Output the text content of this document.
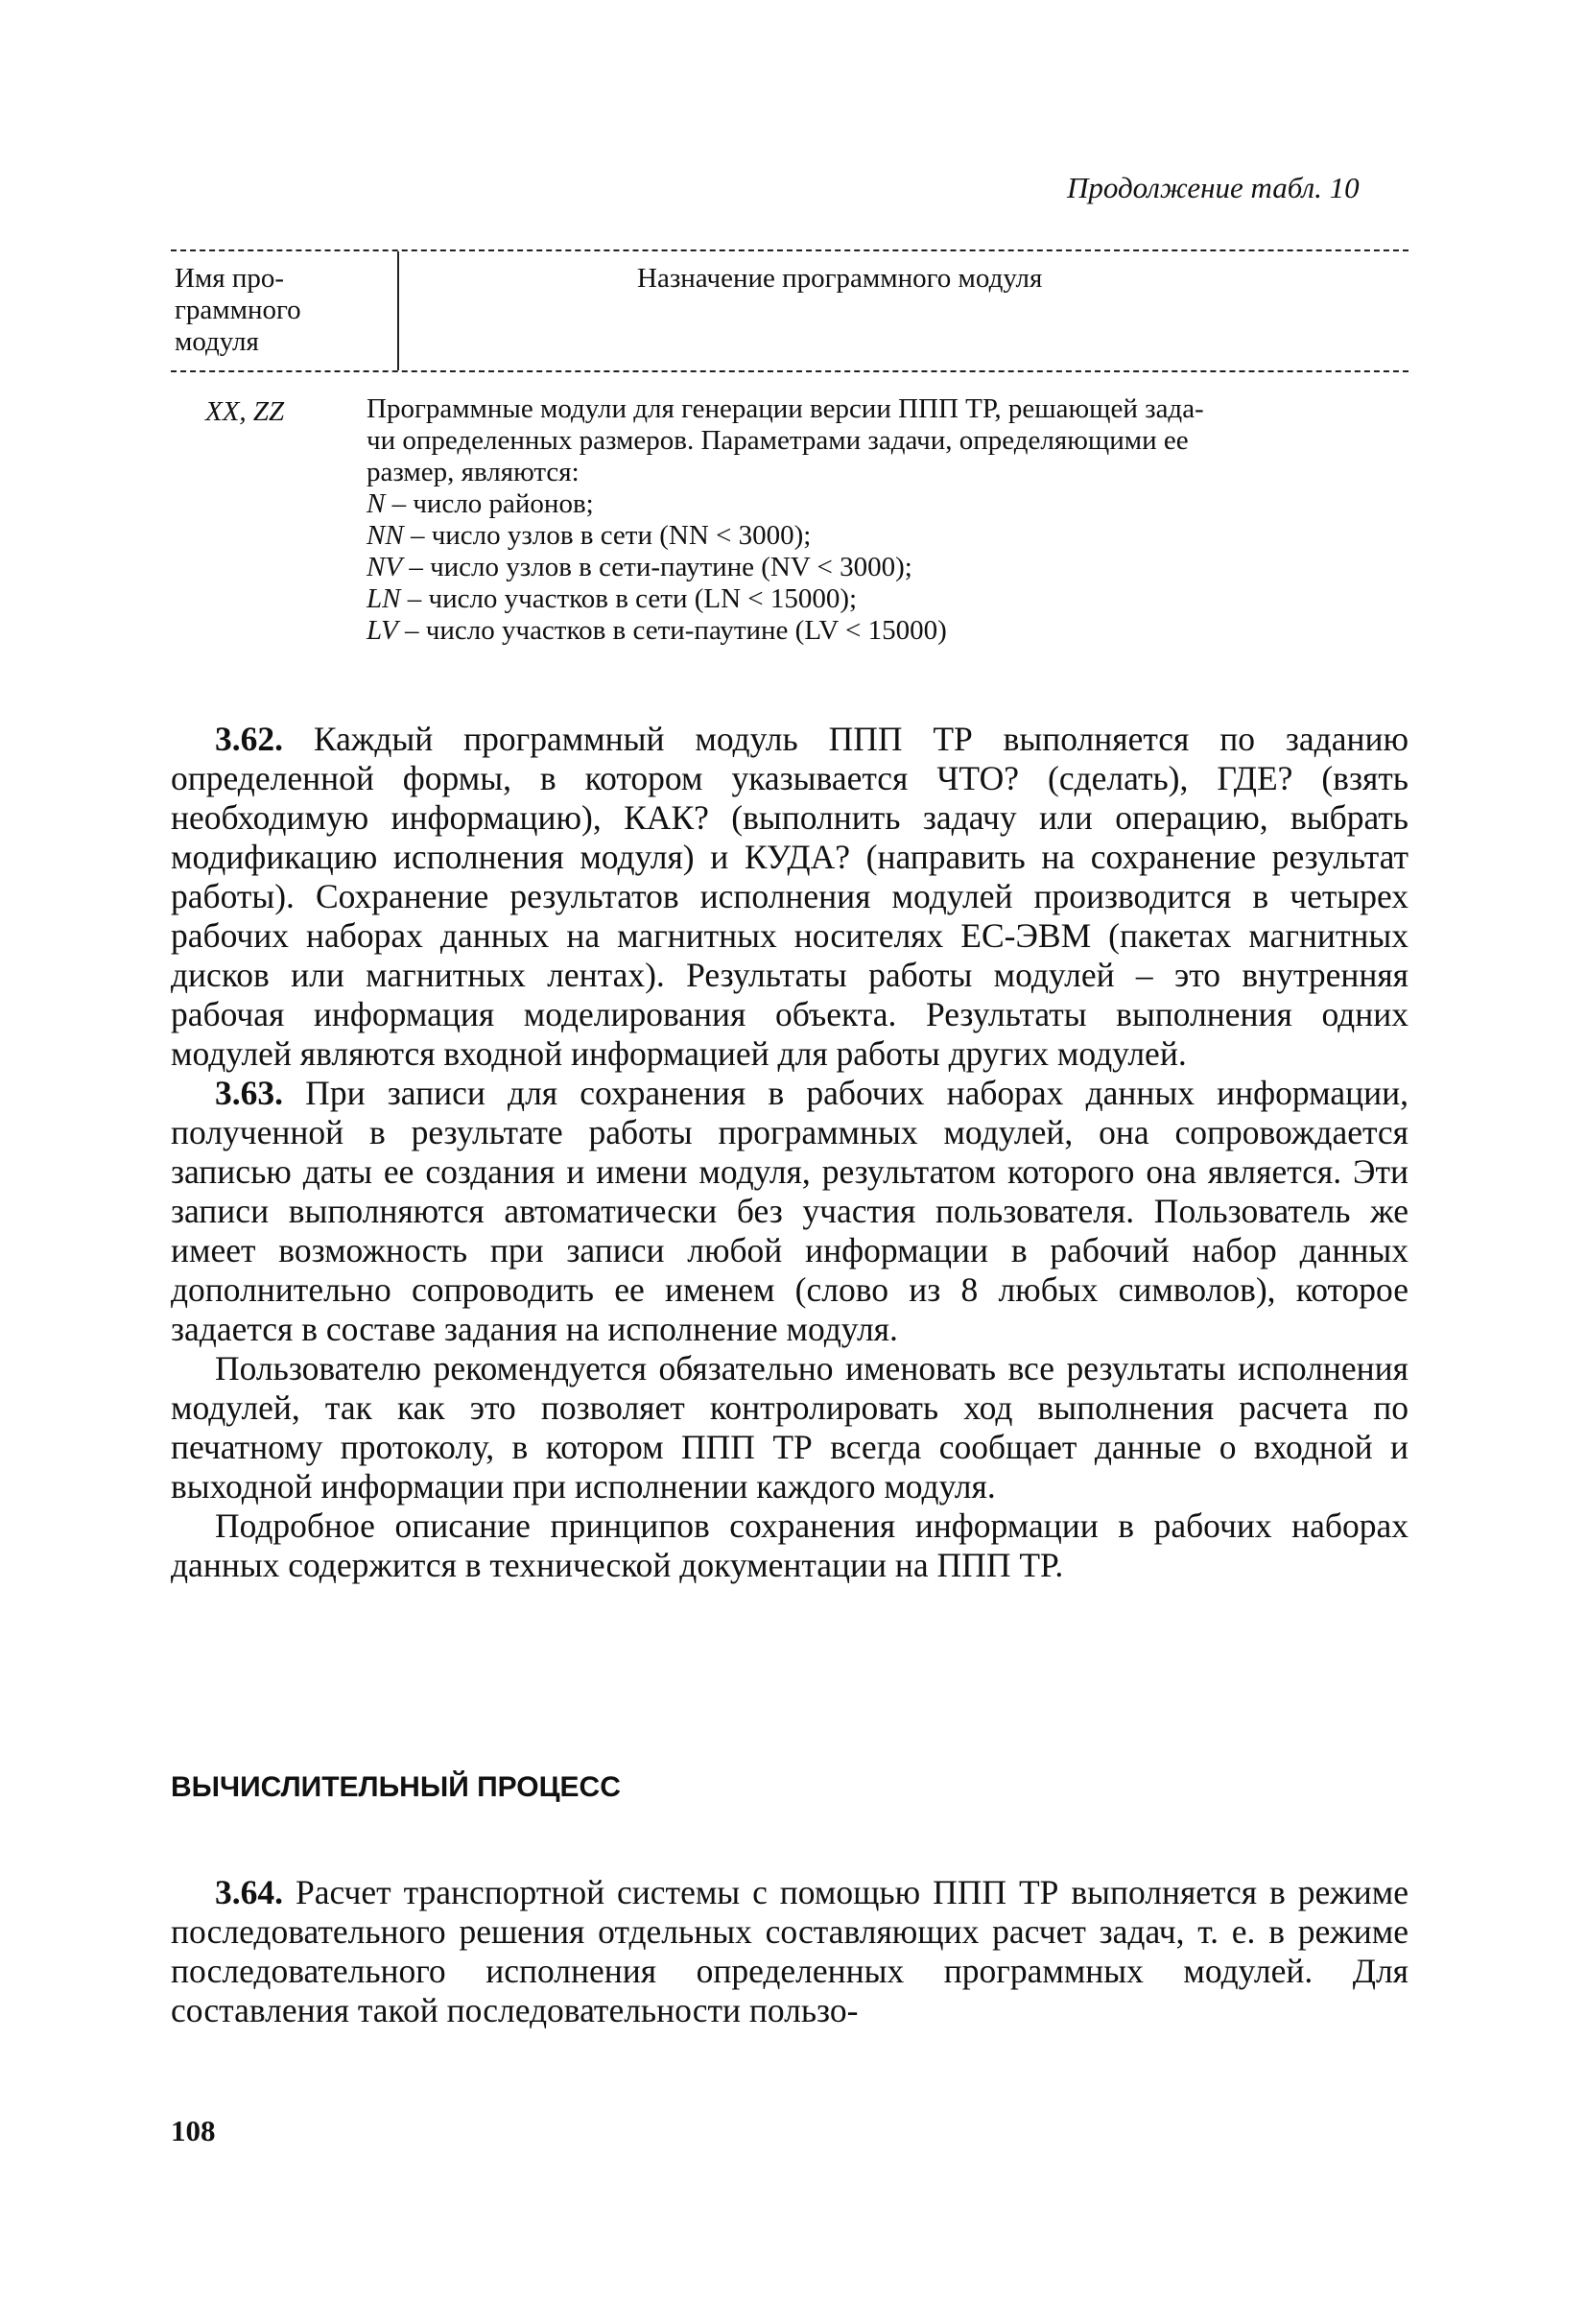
Продолжение табл. 10
Имя про-
граммного
модуля
Назначение программного модуля
XX, ZZ	Программные модули для генерации версии ППП ТР, решающей зада-

чи определенных размеров. Параметрами задачи, определяющими ее

размер, являются:

N – число районов;

NN – число узлов в сети (NN < 3000);

NV – число узлов в сети-паутине (NV < 3000);

LN – число участков в сети (LN < 15000);

LV – число участков в сети-паутине (LV < 15000)

3.62. Каждый программный модуль ППП ТР выполняется по заданию определенной формы, в котором указывается ЧТО? (сделать), ГДЕ? (взять необходимую информацию), КАК? (выполнить задачу или операцию, выбрать модификацию исполнения модуля) и КУДА? (направить на сохранение результат работы). Сохранение результатов исполнения модулей производится в четырех рабочих наборах данных на магнитных носителях ЕС-ЭВМ (пакетах магнитных дисков или магнитных лентах). Результаты работы модулей – это внутренняя рабочая информация моделирования объекта. Результаты выполнения одних модулей являются входной информацией для работы других модулей.

3.63. При записи для сохранения в рабочих наборах данных информации, полученной в результате работы программных модулей, она сопровождается записью даты ее создания и имени модуля, результатом которого она является. Эти записи выполняются автоматически без участия пользователя. Пользователь же имеет возможность при записи любой информации в рабочий набор данных дополнительно сопроводить ее именем (слово из 8 любых символов), которое задается в составе задания на исполнение модуля.

Пользователю рекомендуется обязательно именовать все результаты исполнения модулей, так как это позволяет контролировать ход выполнения расчета по печатному протоколу, в котором ППП ТР всегда сообщает данные о входной и выходной информации при исполнении каждого модуля.

Подробное описание принципов сохранения информации в рабочих наборах данных содержится в технической документации на ППП ТР.

ВЫЧИСЛИТЕЛЬНЫЙ ПРОЦЕСС

3.64. Расчет транспортной системы с помощью ППП ТР выполняется в режиме последовательного решения отдельных составляющих расчет задач, т. е. в режиме последовательного исполнения определенных программных модулей. Для составления такой последовательности пользо-

108
